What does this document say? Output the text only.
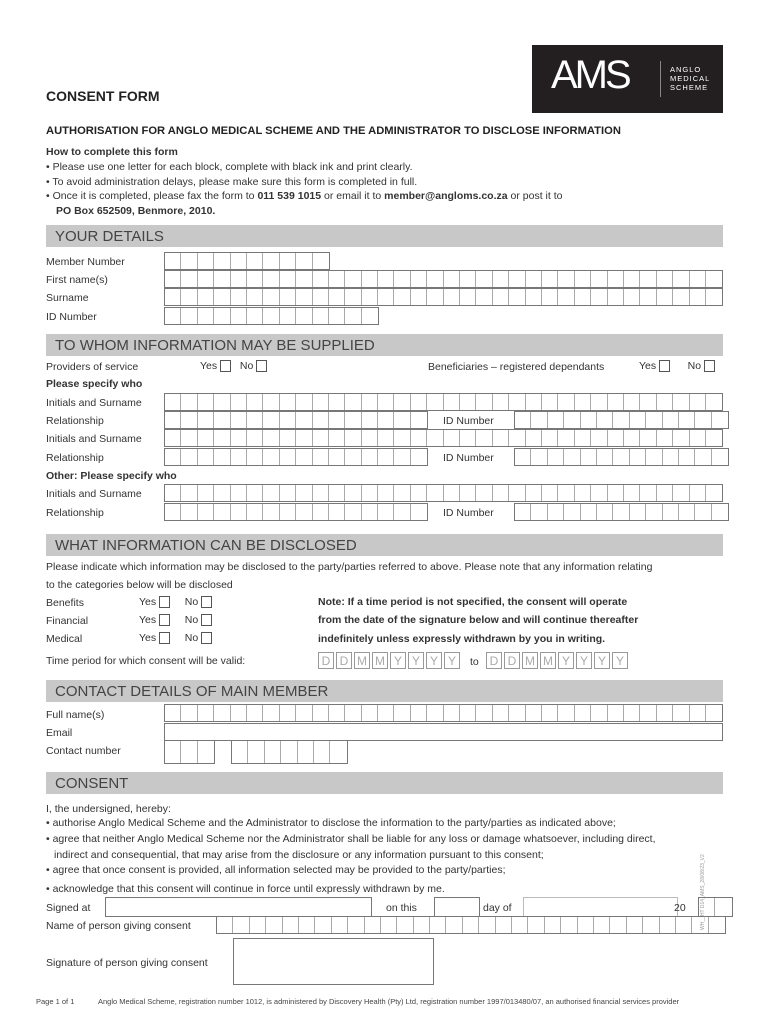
AMS	ANGLO
MEDICAL
SCHEME
CONSENT FORM
AUTHORISATION FOR ANGLO MEDICAL SCHEME AND THE ADMINISTRATOR TO DISCLOSE INFORMATION
How to complete this form
• Please use one letter for each block, complete with black ink and print clearly.
• To avoid administration delays, please make sure this form is completed in full.
• Once it is completed, please fax the form to 011 539 1015 or email it to member@angloms.co.za or post it to
PO Box 652509, Benmore, 2010.
YOUR DETAILS
Member Number
First name(s)
Surname
ID Number
TO WHOM INFORMATION MAY BE SUPPLIED
Providers of service	Yes No	Beneficiaries – registered dependants	Yes	No
Please specify who
Initials and Surname
Relationship	ID Number
Initials and Surname
Relationship	ID Number
Other: Please specify who
Initials and Surname
Relationship	ID Number
WHAT INFORMATION CAN BE DISCLOSED
Please indicate which information may be disclosed to the party/parties referred to above. Please note that any information relating
to the categories below will be disclosed
Benefits	Yes	No
Financial	Yes	No
Medical	Yes	No
Note: If a time period is not specified, the consent will operate
from the date of the signature below and will continue thereafter
indefinitely unless expressly withdrawn by you in writing.
Time period for which consent will be valid:	D D M M Y Y Y Y	to D D M M Y Y Y Y
CONTACT DETAILS OF MAIN MEMBER
Full name(s)
Email
Contact number
CONSENT
I, the undersigned, hereby:
• authorise Anglo Medical Scheme and the Administrator to disclose the information to the party/parties as indicated above;
• agree that neither Anglo Medical Scheme nor the Administrator shall be liable for any loss or damage whatsoever, including direct,
indirect and consequential, that may arise from the disclosure or any information pursuant to this consent;
• agree that once consent is provided, all information selected may be provided to the party/parties;
• acknowledge that this consent will continue in force until expressly withdrawn by me.
Signed at	on this	day of	20
Name of person giving consent
Signature of person giving consent
Page 1 of 1	Anglo Medical Scheme, registration number 1012, is administered by Discovery Health (Pty) Ltd, registration number 1997/013480/07, an authorised financial services provider
WH__HT D14_AMS_28/08/23_V2
